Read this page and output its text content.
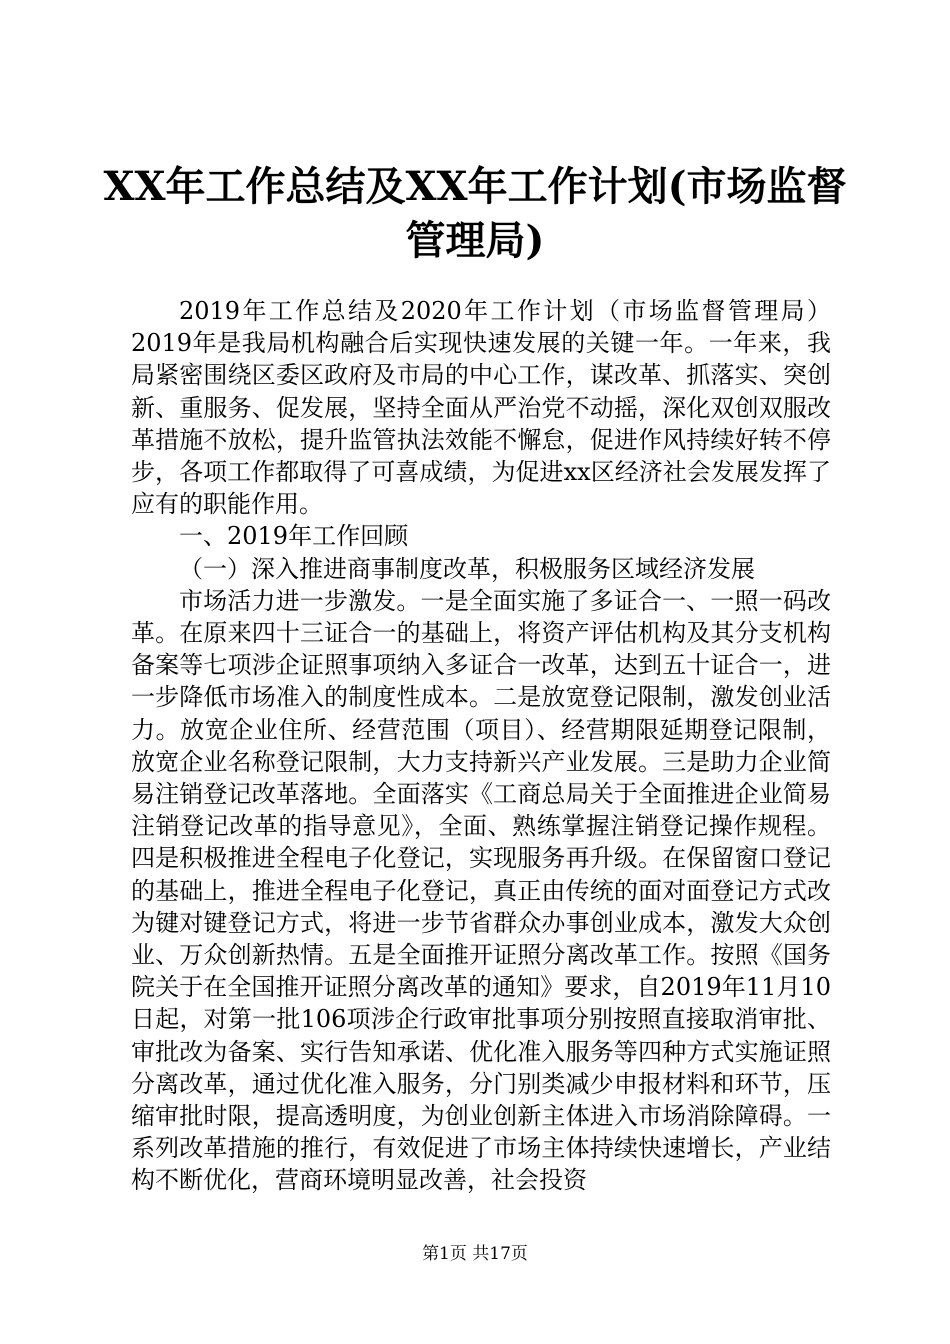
XX年工作总结及XX年工作计划(市场监督管理局)

2019年工作总结及2020年工作计划（市场监督管理局）2019年是我局机构融合后实现快速发展的关键一年。一年来，我局紧密围绕区委区政府及市局的中心工作，谋改革、抓落实、突创新、重服务、促发展，坚持全面从严治党不动摇，深化双创双服改革措施不放松，提升监管执法效能不懈怠，促进作风持续好转不停步，各项工作都取得了可喜成绩，为促进xx区经济社会发展发挥了应有的职能作用。

一、2019年工作回顾

（一）深入推进商事制度改革，积极服务区域经济发展

市场活力进一步激发。一是全面实施了多证合一、一照一码改革。在原来四十三证合一的基础上，将资产评估机构及其分支机构备案等七项涉企证照事项纳入多证合一改革，达到五十证合一，进一步降低市场准入的制度性成本。二是放宽登记限制，激发创业活力。放宽企业住所、经营范围（项目）、经营期限延期登记限制，放宽企业名称登记限制，大力支持新兴产业发展。三是助力企业简易注销登记改革落地。全面落实《工商总局关于全面推进企业简易注销登记改革的指导意见》，全面、熟练掌握注销登记操作规程。四是积极推进全程电子化登记，实现服务再升级。在保留窗口登记的基础上，推进全程电子化登记，真正由传统的面对面登记方式改为键对键登记方式，将进一步节省群众办事创业成本，激发大众创业、万众创新热情。五是全面推开证照分离改革工作。按照《国务院关于在全国推开证照分离改革的通知》要求，自2019年11月10日起，对第一批106项涉企行政审批事项分别按照直接取消审批、审批改为备案、实行告知承诺、优化准入服务等四种方式实施证照分离改革，通过优化准入服务，分门别类减少申报材料和环节，压缩审批时限，提高透明度，为创业创新主体进入市场消除障碍。一系列改革措施的推行，有效促进了市场主体持续快速增长，产业结构不断优化，营商环境明显改善，社会投资

第1页 共17页
